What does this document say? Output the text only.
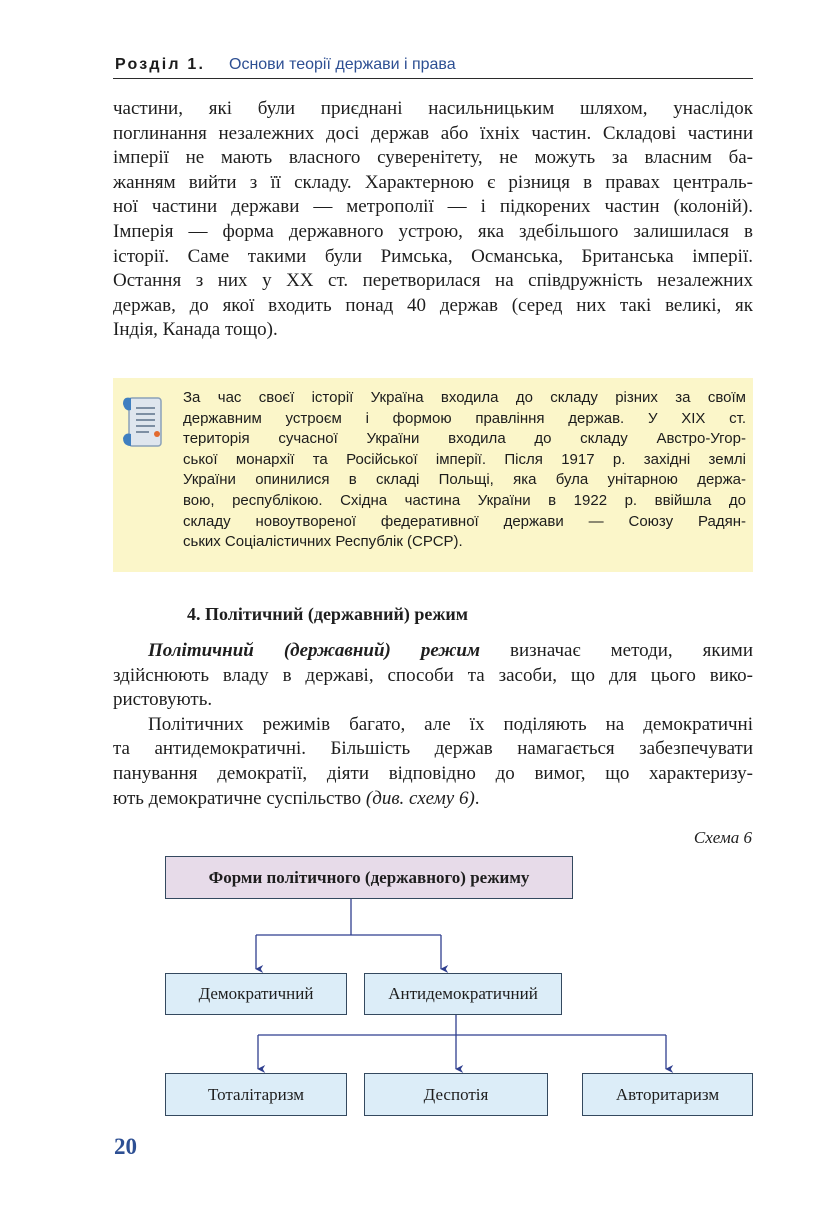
Розділ 1. Основи теорії держави і права
частини, які були приєднані насильницьким шляхом, унаслідок
поглинання незалежних досі держав або їхніх частин. Складові частини
імперії не мають власного суверенітету, не можуть за власним ба-
жанням вийти з її складу. Характерною є різниця в правах централь-
ної частини держави — метрополії — і підкорених частин (колоній).
Імперія — форма державного устрою, яка здебільшого залишилася в
історії. Саме такими були Римська, Османська, Британська імперії.
Остання з них у XX ст. перетворилася на співдружність незалежних
держав, до якої входить понад 40 держав (серед них такі великі, як
Індія, Канада тощо).
За час своєї історії Україна входила до складу різних за своїм
державним устроєм і формою правління держав. У XIX ст.
територія сучасної України входила до складу Австро-Угор-
ської монархії та Російської імперії. Після 1917 р. західні землі
України опинилися в складі Польщі, яка була унітарною держа-
вою, республікою. Східна частина України в 1922 р. ввійшла до
складу новоутвореної федеративної держави — Союзу Радян-
ських Соціалістичних Республік (СРСР).
4. Політичний (державний) режим
Політичний (державний) режим визначає методи, якими
здійснюють владу в державі, способи та засоби, що для цього вико-
ристовують.
Політичних режимів багато, але їх поділяють на демократичні
та антидемократичні. Більшість держав намагається забезпечувати
панування демократії, діяти відповідно до вимог, що характеризу-
ють демократичне суспільство (див. схему 6).
Схема 6
Форми політичного (державного) режиму
Демократичний	Антидемократичний
Тоталітаризм	Деспотія	Авторитаризм
20
